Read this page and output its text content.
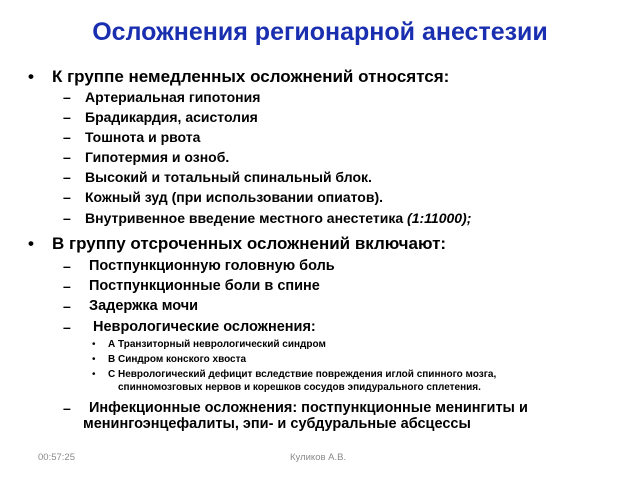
Осложнения регионарной анестезии
• К группе немедленных осложнений относятся:
– Артериальная гипотония
– Брадикардия, асистолия
– Тошнота и рвота
– Гипотермия и озноб.
– Высокий и тотальный спинальный блок.
– Кожный зуд (при использовании опиатов).
– Внутривенное введение местного анестетика (1:11000);
• В группу отсроченных осложнений включают:
– Постпункционную головную боль
– Постпункционные боли в спине
– Задержка мочи
– Неврологические осложнения:
• А Транзиторный неврологический синдром
• В Синдром конского хвоста
• С Неврологический дефицит вследствие повреждения иглой спинного мозга,
спинномозговых нервов и корешков сосудов эпидурального сплетения.
– Инфекционные осложнения: постпункционные менингиты и
менингоэнцефалиты, эпи- и субдуральные абсцессы
00:57:25	Куликов А.В.
